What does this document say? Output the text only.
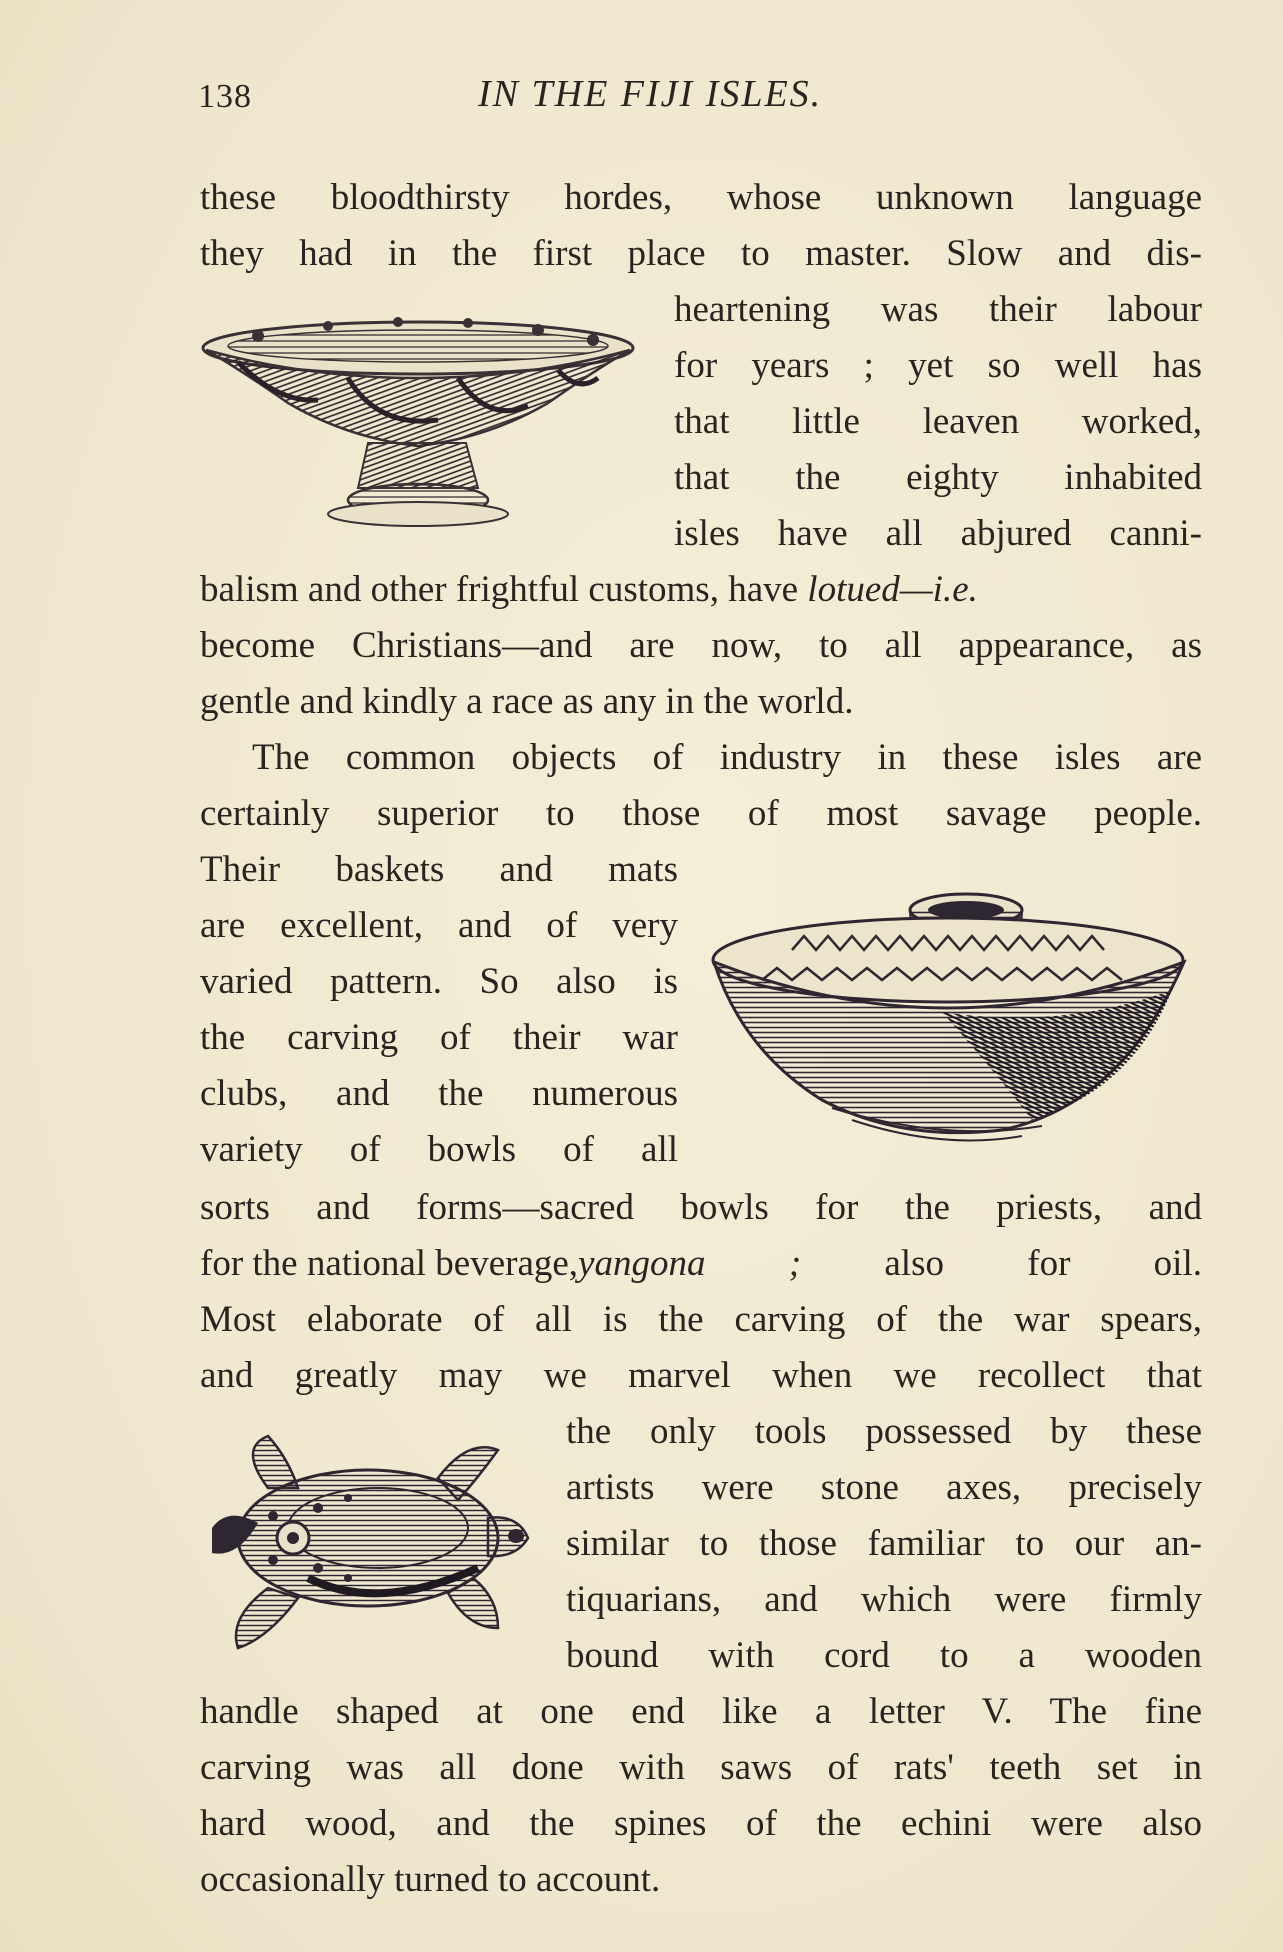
138	IN THE FIJI ISLES.
these bloodthirsty hordes, whose unknown language
they had in the first place to master. Slow and dis-
heartening was their labour
for years ; yet so well has
that little leaven worked,
that the eighty inhabited
isles have all abjured canni-
balism and other frightful customs, have lotued—i.e.
become Christians—and are now, to all appearance, as
gentle and kindly a race as any in the world.
The common objects of industry in these isles are
certainly superior to those of most savage people.
Their baskets and mats
are excellent, and of very
varied pattern. So also is
the carving of their war
clubs, and the numerous
variety of bowls of all
sorts and forms—sacred bowls for the priests, and
for the national beverage, yangona ; also for oil.
Most elaborate of all is the carving of the war spears,
and greatly may we marvel when we recollect that
the only tools possessed by these
artists were stone axes, precisely
similar to those familiar to our an-
tiquarians, and which were firmly
bound with cord to a wooden
handle shaped at one end like a letter V. The fine
carving was all done with saws of rats' teeth set in
hard wood, and the spines of the echini were also
occasionally turned to account.
